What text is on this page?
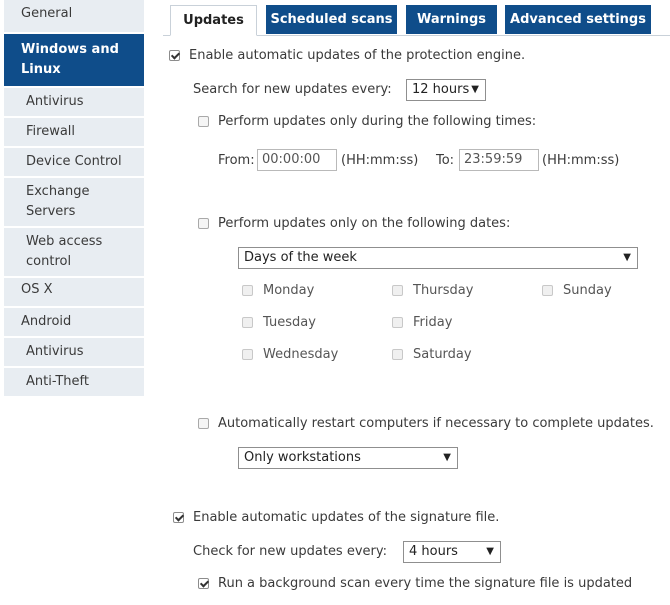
General
Windows and Linux
Antivirus
Firewall
Device Control
Exchange Servers
Web access control
OS X
Android
Antivirus
Anti-Theft
Updates	Scheduled scans	Warnings	Advanced settings
Enable automatic updates of the protection engine.
Search for new updates every:	12 hours ▼
Perform updates only during the following times:
From: 00:00:00	(HH:mm:ss) To: 23:59:59	(HH:mm:ss)
Perform updates only on the following dates:
Days of the week	▼
Monday	Thursday	Sunday
Tuesday	Friday
Wednesday	Saturday
Automatically restart computers if necessary to complete updates.
Only workstations	▼
Enable automatic updates of the signature file.
Check for new updates every:	4 hours	▼
Run a background scan every time the signature file is updated
